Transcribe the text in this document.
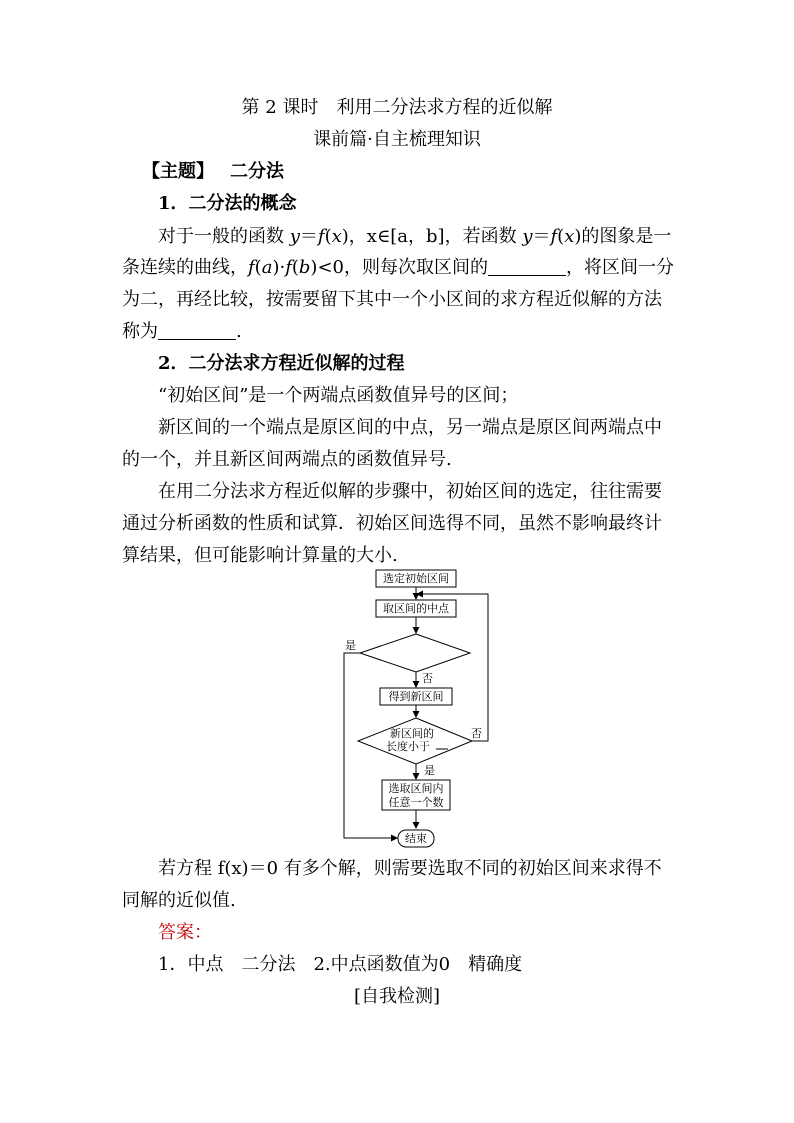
第 2 课时　利用二分法求方程的近似解
课前篇·自主梳理知识
【主题】 二分法
1．二分法的概念
对于一般的函数 y＝f(x)，x∈[a，b]，若函数 y＝f(x)的图象是一
条连续的曲线，f(a)·f(b)<0，则每次取区间的	，将区间一分
为二，再经比较，按需要留下其中一个小区间的求方程近似解的方法
称为	.
2．二分法求方程近似解的过程
“初始区间”是一个两端点函数值异号的区间；
新区间的一个端点是原区间的中点，另一端点是原区间两端点中
的一个，并且新区间两端点的函数值异号.
在用二分法求方程近似解的步骤中，初始区间的选定，往往需要
通过分析函数的性质和试算．初始区间选得不同，虽然不影响最终计
算结果，但可能影响计算量的大小.
选定初始区间
取区间的中点
否
是
得到新区间
新区间的
长度小于
否
是
选取区间内
任意一个数
结束
若方程 f(x)＝0 有多个解，则需要选取不同的初始区间来求得不
同解的近似值.
答案：
1．中点　二分法　2.中点函数值为0　精确度
[自我检测]
